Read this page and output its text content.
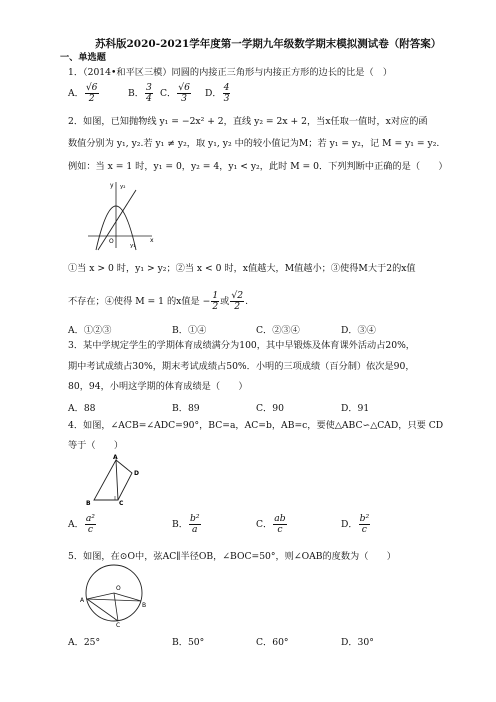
苏科版2020-2021学年度第一学期九年级数学期末模拟测试卷（附答案）
一、单选题
1．（2014•和平区三模）同圆的内接正三角形与内接正方形的边长的比是（　）
A． $\frac{√6}{2}$	B． $\frac{3}{4}$ C． $\frac{√6}{3}$ D． $\frac{4}{3}$
2．如图，已知抛物线 y₁ = −2x² + 2，直线 y₂ = 2x + 2，当x任取一值时，x对应的函
数值分别为 y₁, y₂.若 y₁ ≠ y₂，取 y₁, y₂ 中的较小值记为M；若 y₁ = y₂，记 M = y₁ = y₂.
例如：当 x = 1 时，y₁ = 0，y₂ = 4，y₁ < y₂，此时 M = 0．下列判断中正确的是（　　）
y y₂
x
O
y₁
①当 x > 0 时，y₁ > y₂；②当 x < 0 时，x值越大，M值越小；③使得M大于2的x值
不存在；④使得 M = 1 的x值是 − $\frac{1}{2}$ 或 $\frac{√2}{2}$ .
A．①②③	B．①④	C．②③④	D．③④
3．某中学规定学生的学期体育成绩满分为100，其中早锻炼及体育课外活动占20%，
期中考试成绩占30%，期末考试成绩占50%．小明的三项成绩（百分制）依次是90，
80，94，小明这学期的体育成绩是（　　）
A．88	B．89	C．90	D．91
4．如图，∠ACB=∠ADC=90°，BC=a，AC=b，AB=c，要使△ABC∽△CAD，只要 CD
等于（　　）
A
B	C
D
A． $\frac{\text{a²}}{c}$	B． $\frac{\text{b²}}{a}$	C． $\frac{ab}{c}$	D． $\frac{\text{b²}}{c}$
5．如图，在⊙O中，弦AC∥半径OB，∠BOC=50°，则∠OAB的度数为（　　）
A
B
C
O
A．25°	B．50°	C．60°	D．30°
